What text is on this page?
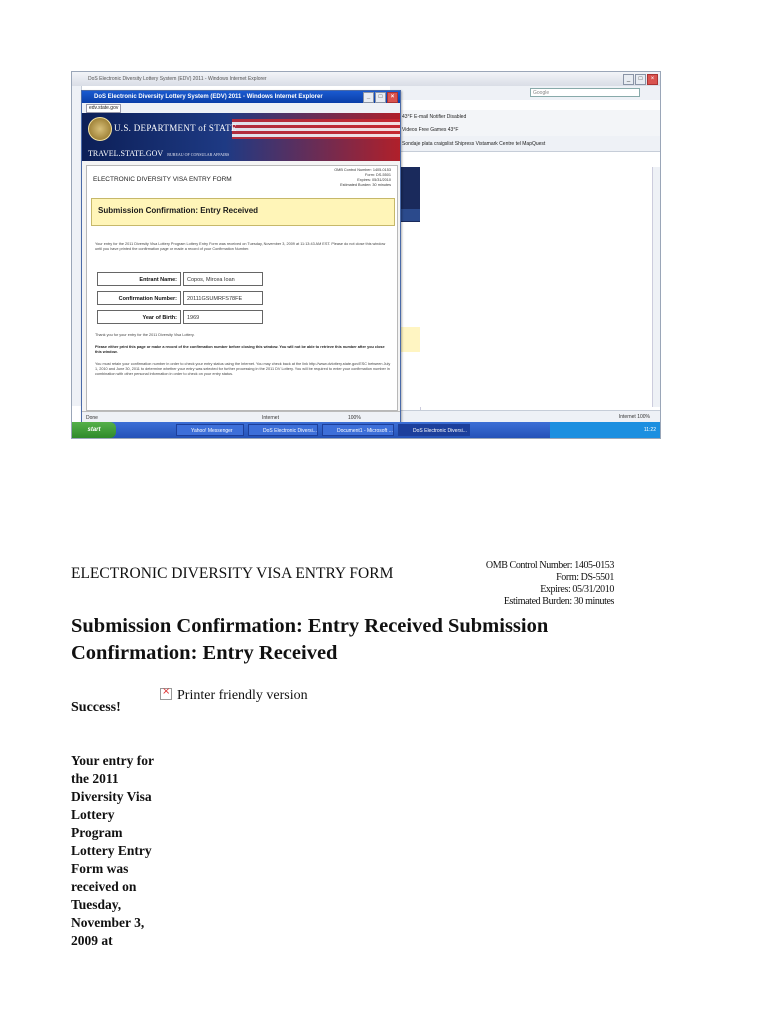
DoS Electronic Diversity Lottery System (EDV) 2011 - Windows Internet Explorer	_	□	×
Google
43°F E-mail Notifier Disabled
Videos Free Games 43°F
Sondaje plata craigslist Shipress Vistamark Centre tel MapQuest
Internet 100%
DoS Electronic Diversity Lottery System (EDV) 2011 - Windows Internet Explorer	_	□	×
edv.state.gov
U.S. DEPARTMENT of STATE
TRAVEL.STATE.GOV BUREAU OF CONSULAR AFFAIRS
ELECTRONIC DIVERSITY VISA ENTRY FORM
OMB Control Number: 1405-0153
Form: DS-5501
Expires: 05/31/2010
Estimated Burden: 30 minutes
Submission Confirmation: Entry Received
Your entry for the 2011 Diversity Visa Lottery Program Lottery Entry Form was received on Tuesday, November 3, 2009 at 11:13:43 AM EST. Please do not close this window until you have printed the confirmation page or made a record of your Confirmation Number.
Entrant Name:	Copos, Mircea Ioan
Confirmation Number:	20111GSUMRFS78FE
Year of Birth:	1969
Thank you for your entry for the 2011 Diversity Visa Lottery.
Please either print this page or make a record of the confirmation number before closing this window. You will not be able to retrieve this number after you close this window.
You must retain your confirmation number in order to check your entry status using the Internet. You may check back at the link http://www.dvlottery.state.gov/ESC between July 1, 2010 and June 30, 2011 to determine whether your entry was selected for further processing in the 2011 DV Lottery. You will be required to enter your confirmation number in combination with other personal information in order to check on your entry status.
Done	Internet	100%
start	Yahoo! Messenger	DoS Electronic Diversi...	Document1 - Microsoft ...	DoS Electronic Diversi...	11:22
ELECTRONIC DIVERSITY VISA ENTRY FORM	OMB Control Number: 1405-0153
Form: DS-5501
Expires: 05/31/2010
Estimated Burden: 30 minutes
Submission Confirmation: Entry Received Submission Confirmation: Entry Received
Success!
×Printer friendly version
Your entry for the 2011 Diversity Visa Lottery Program Lottery Entry Form was received on Tuesday, November 3, 2009 at
